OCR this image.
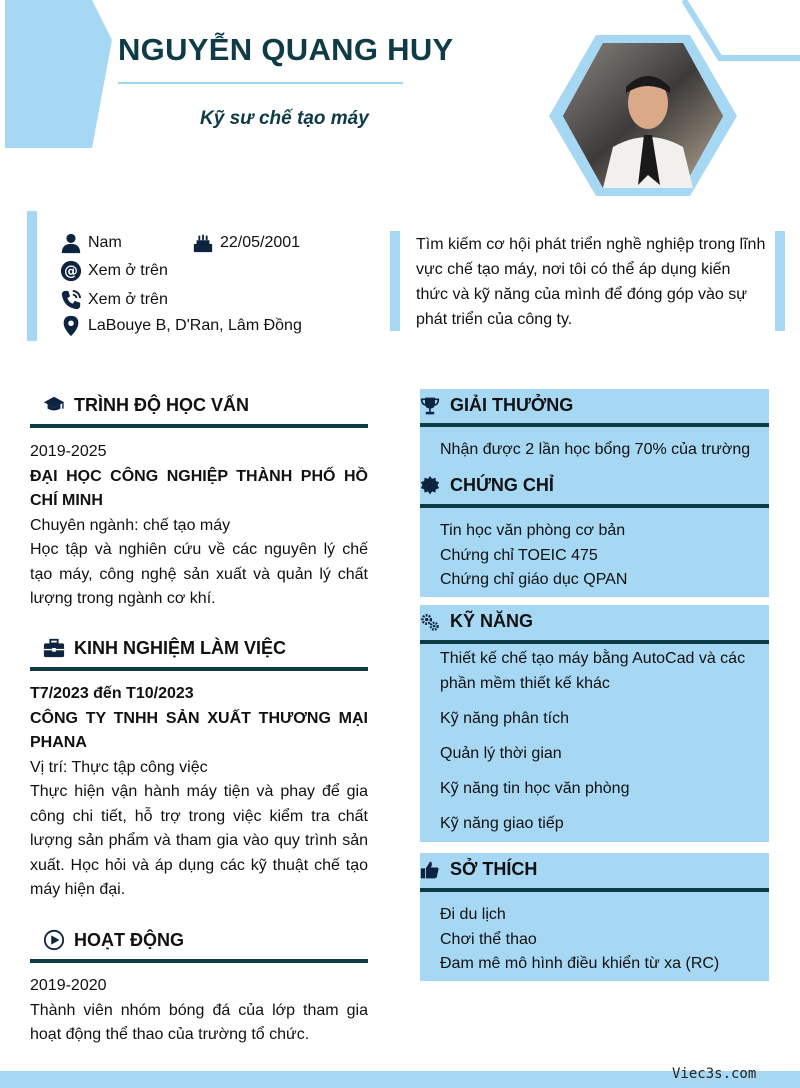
NGUYỄN QUANG HUY
Kỹ sư chế tạo máy
Nam	22/05/2001
@ Xem ở trên
Xem ở trên
LaBouye B, D'Ran, Lâm Đồng
Tìm kiếm cơ hội phát triển nghề nghiệp trong lĩnh vực chế tạo máy, nơi tôi có thể áp dụng kiến thức và kỹ năng của mình để đóng góp vào sự phát triển của công ty.
TRÌNH ĐỘ HỌC VẤN
2019-2025
ĐẠI HỌC CÔNG NGHIỆP THÀNH PHỐ HỒ CHÍ MINH
Chuyên ngành: chế tạo máy
Học tập và nghiên cứu về các nguyên lý chế tạo máy, công nghệ sản xuất và quản lý chất lượng trong ngành cơ khí.
KINH NGHIỆM LÀM VIỆC
T7/2023 đến T10/2023
CÔNG TY TNHH SẢN XUẤT THƯƠNG MẠI PHANA
Vị trí: Thực tập công việc
Thực hiện vận hành máy tiện và phay để gia công chi tiết, hỗ trợ trong việc kiểm tra chất lượng sản phẩm và tham gia vào quy trình sản xuất. Học hỏi và áp dụng các kỹ thuật chế tạo máy hiện đại.
HOẠT ĐỘNG
2019-2020
Thành viên nhóm bóng đá của lớp tham gia hoạt động thể thao của trường tổ chức.
GIẢI THƯỞNG
Nhận được 2 lần học bổng 70% của trường
CHỨNG CHỈ
Tin học văn phòng cơ bản
Chứng chỉ TOEIC 475
Chứng chỉ giáo dục QPAN
KỸ NĂNG
Thiết kế chế tạo máy bằng AutoCad và các phần mềm thiết kế khác
Kỹ năng phân tích
Quản lý thời gian
Kỹ năng tin học văn phòng
Kỹ năng giao tiếp
SỞ THÍCH
Đi du lịch
Chơi thể thao
Đam mê mô hình điều khiển từ xa (RC)
Viec3s.com
